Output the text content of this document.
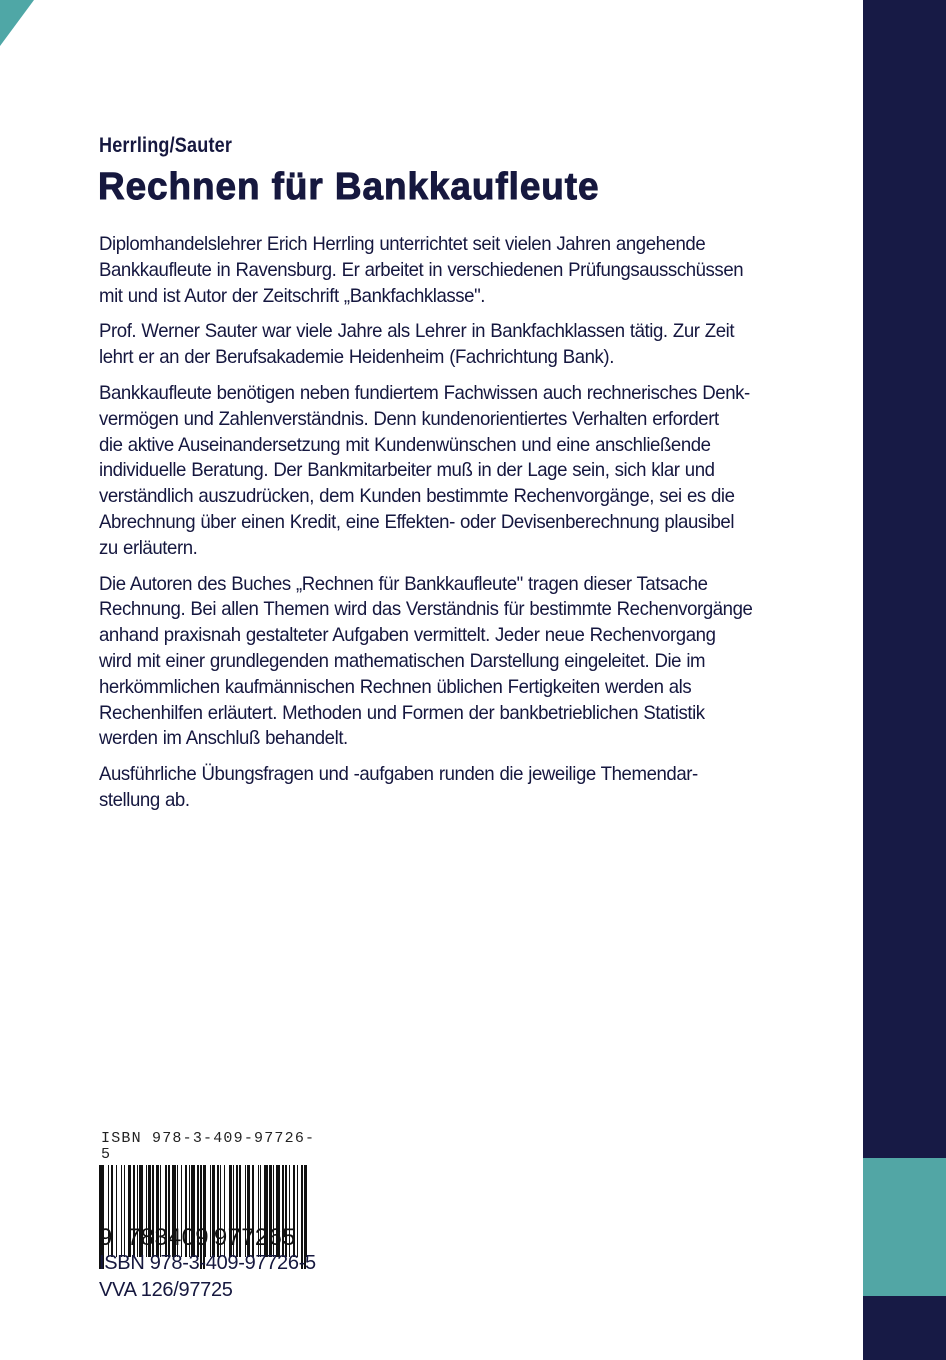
Herrling/Sauter
Rechnen für Bankkaufleute

Diplomhandelslehrer Erich Herrling unterrichtet seit vielen Jahren angehende
Bankkaufleute in Ravensburg. Er arbeitet in verschiedenen Prüfungsausschüssen
mit und ist Autor der Zeitschrift „Bankfachklasse".

Prof. Werner Sauter war viele Jahre als Lehrer in Bankfachklassen tätig. Zur Zeit
lehrt er an der Berufsakademie Heidenheim (Fachrichtung Bank).

Bankkaufleute benötigen neben fundiertem Fachwissen auch rechnerisches Denk-
vermögen und Zahlenverständnis. Denn kundenorientiertes Verhalten erfordert
die aktive Auseinandersetzung mit Kundenwünschen und eine anschließende
individuelle Beratung. Der Bankmitarbeiter muß in der Lage sein, sich klar und
verständlich auszudrücken, dem Kunden bestimmte Rechenvorgänge, sei es die
Abrechnung über einen Kredit, eine Effekten- oder Devisenberechnung plausibel
zu erläutern.

Die Autoren des Buches „Rechnen für Bankkaufleute" tragen dieser Tatsache
Rechnung. Bei allen Themen wird das Verständnis für bestimmte Rechenvorgänge
anhand praxisnah gestalteter Aufgaben vermittelt. Jeder neue Rechenvorgang
wird mit einer grundlegenden mathematischen Darstellung eingeleitet. Die im
herkömmlichen kaufmännischen Rechnen üblichen Fertigkeiten werden als
Rechenhilfen erläutert. Methoden und Formen der bankbetrieblichen Statistik
werden im Anschluß behandelt.

Ausführliche Übungsfragen und -aufgaben runden die jeweilige Themendar-
stellung ab.

ISBN 978-3-409-97726-5
9 783409 977265
ISBN 978-3-409-97726-5
VVA 126/97725
